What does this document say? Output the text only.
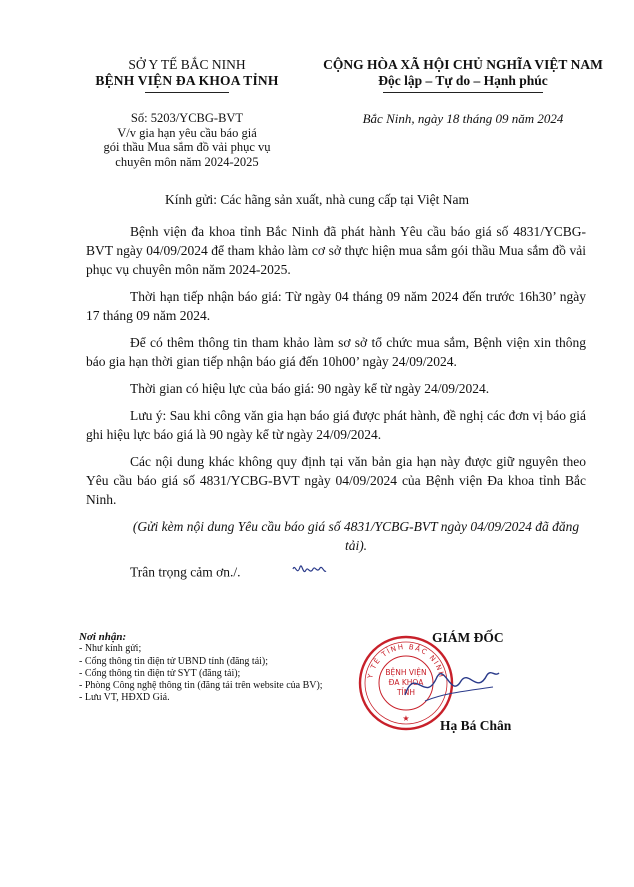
SỞ Y TẾ BẮC NINH
BỆNH VIỆN ĐA KHOA TỈNH
CỘNG HÒA XÃ HỘI CHỦ NGHĨA VIỆT NAM
Độc lập – Tự do – Hạnh phúc
Số: 5203/YCBG-BVT
V/v gia hạn yêu cầu báo giá
gói thầu Mua sắm đồ vải phục vụ
chuyên môn năm 2024-2025
Bắc Ninh, ngày 18 tháng 09 năm 2024
Kính gửi: Các hãng sản xuất, nhà cung cấp tại Việt Nam

Bệnh viện đa khoa tỉnh Bắc Ninh đã phát hành Yêu cầu báo giá số 4831/YCBG-BVT ngày 04/09/2024 để tham khảo làm cơ sở thực hiện mua sắm gói thầu Mua sắm đồ vải phục vụ chuyên môn năm 2024-2025.

Thời hạn tiếp nhận báo giá: Từ ngày 04 tháng 09 năm 2024 đến trước 16h30’ ngày 17 tháng 09 năm 2024.

Để có thêm thông tin tham khảo làm sơ sở tổ chức mua sắm, Bệnh viện xin thông báo gia hạn thời gian tiếp nhận báo giá đến 10h00’ ngày 24/09/2024.

Thời gian có hiệu lực của báo giá: 90 ngày kể từ ngày 24/09/2024.

Lưu ý: Sau khi công văn gia hạn báo giá được phát hành, đề nghị các đơn vị báo giá ghi hiệu lực báo giá là 90 ngày kể từ ngày 24/09/2024.

Các nội dung khác không quy định tại văn bản gia hạn này được giữ nguyên theo Yêu cầu báo giá số 4831/YCBG-BVT ngày 04/09/2024 của Bệnh viện Đa khoa tỉnh Bắc Ninh.

(Gửi kèm nội dung Yêu cầu báo giá số 4831/YCBG-BVT ngày 04/09/2024 đã đăng tải).

Trân trọng cảm ơn./.

Nơi nhận:
- Như kính gửi;
- Cổng thông tin điện tử UBND tỉnh (đăng tải);
- Cổng thông tin điện tử SYT (đăng tải);
- Phòng Công nghệ thông tin (đăng tải trên website của BV);
- Lưu VT, HĐXD Giá.
GIÁM ĐỐC
Y TẾ TỈNH BẮC NINH
BỆNH VIỆN
ĐA KHOA
TỈNH
★ Hạ Bá Chân
